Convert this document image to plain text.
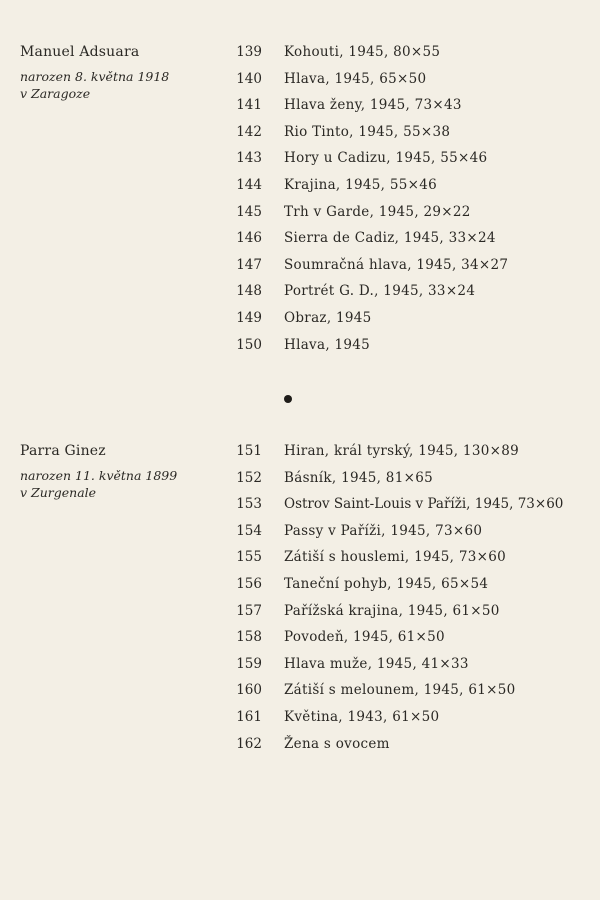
Manuel Adsuara
narozen 8. května 1918
v Zaragoze
139 Kohouti, 1945, 80×55
140 Hlava, 1945, 65×50
141 Hlava ženy, 1945, 73×43
142 Rio Tinto, 1945, 55×38
143 Hory u Cadizu, 1945, 55×46
144 Krajina, 1945, 55×46
145 Trh v Garde, 1945, 29×22
146 Sierra de Cadiz, 1945, 33×24
147 Soumračná hlava, 1945, 34×27
148 Portrét G. D., 1945, 33×24
149 Obraz, 1945
150 Hlava, 1945
Parra Ginez
narozen 11. května 1899
v Zurgenale
151 Hiran, král tyrský, 1945, 130×89
152 Básník, 1945, 81×65
153 Ostrov Saint-Louis v Paříži, 1945, 73×60
154 Passy v Paříži, 1945, 73×60
155 Zátiší s houslemi, 1945, 73×60
156 Taneční pohyb, 1945, 65×54
157 Pařížská krajina, 1945, 61×50
158 Povodeň, 1945, 61×50
159 Hlava muže, 1945, 41×33
160 Zátiší s melounem, 1945, 61×50
161 Květina, 1943, 61×50
162 Žena s ovocem
